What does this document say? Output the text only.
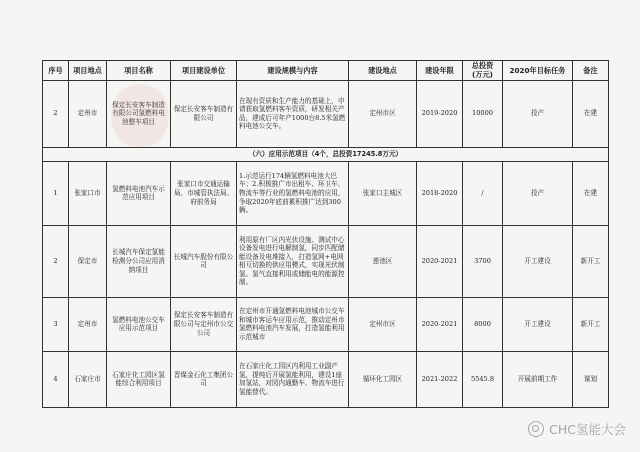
序号	项目地点	项目名称	项目建设单位	建设规模与内容	建设地点	建设年限	总投资
(万元)	2020年目标任务	备注
2	定州市	保定长安客车制造有限公司氢燃料电池整车项目	保定长安客车制造有限公司	在现有资质和生产能力的基础上，申请获取氢燃料客车资质，研发相关产品，建成后可年产1000台8.5米氢燃料电池公交车。	定州市区	2019-2020	10000	投产	在建
（六）应用示范项目（4个，总投资17245.8万元）									
1	张家口市	氢燃料电池汽车示范应用项目	张家口市交通运输局、市城管执法局、府前务局	1.示范运行174辆氢燃料电池大巴车；2.积极推广市出租车、环卫车、物流车等行业的氢燃料电池的应用，争取2020年底前累积推广达到300辆。	张家口主城区	2018-2020	/	投产	在建
2	保定市	长城汽车保定氢能检测分公司应用消纳项目	长城汽车股份有限公司	利用原有厂区内光伏设施、测试中心设备发电进行电解制氢，同步匹配储能设备及电堆接入，打造氢网+电网相互切换的供应用模式，实现光伏制氢、氢气直接利用或储能电的能源控制。	莲池区	2020-2021	3700	开工建设	新开工
3	定州市	氢燃料电池公交车应用示范项目	保定长安客车制造有限公司与定州市公交公司	在定州市开通氢燃料电池城市公交车和城市客运车应用示范，推动定州市氢燃料电池汽车发展，打造氢能利用示范城市	定州市区	2020-2021	8000	开工建设	新开工
4	石家庄市	石家庄化工园区氢能综合利用项目	晋煤金石化工集团公司	在石家庄化工园区内利用工业副产氢，提纯后开展氢能利用，建设1座加氢站，对园内通勤车、物流车进行氢能替代。	循环化工园区	2021-2022	5545.8	开展前期工作	谋划
CHC氢能大会
